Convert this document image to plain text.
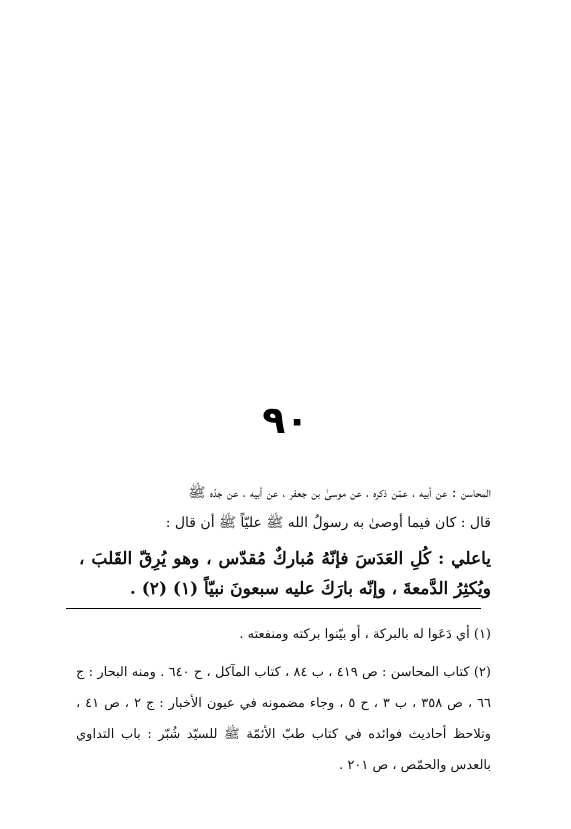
٩٠
المحاسن : عن أبيه ، عمّن ذكره ، عن موسىٰ بن جعفر ، عن أبيه ، عن جدّه ﷺ
قال : كان فيما أوصىٰ به رسولُ الله ﷺ عليّاً ﷺ أن قال :
ياعلي : كُلِ العَدَسَ فإنّهُ مُباركٌ مُقدّس ، وهو يُرِقّ القَلبَ ، ويُكثِرُ الدَّمعةَ ، وإنّه بارَكَ عليه سبعونَ نبيّاً (١) (٢) .
(١) أي دَعَوا له بالبركة ، أو بيّنوا بركته ومنفعته .
(٢) كتاب المحاسن : ص ٤١٩ ، ب ٨٤ ، كتاب المآكل ، ح ٦٤٠ . ومنه البحار : ج ٦٦ ، ص ٣٥٨ ، ب ٣ ، ح ٥ ، وجاء مضمونه في عيون الأخبار : ج ٢ ، ص ٤١ ، وتلاحظ أحاديث فوائده في كتاب طبّ الأئمّة ﷺ للسيّد شُبّر : باب التداوي بالعدس والحمّص ، ص ٢٠١ .
